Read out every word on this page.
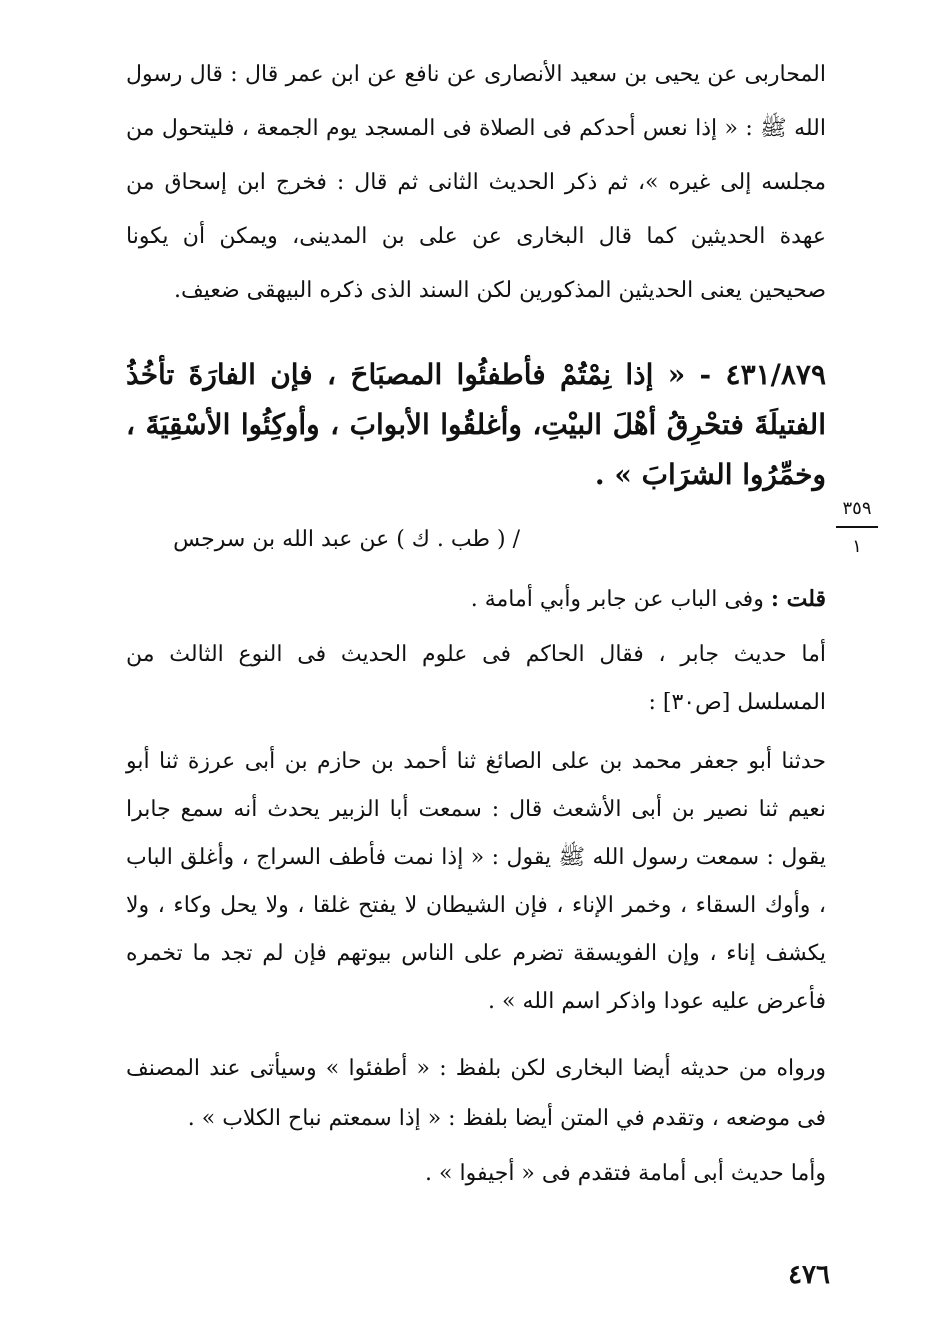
المحاربى عن يحيى بن سعيد الأنصارى عن نافع عن ابن عمر قال : قال رسول الله ﷺ : « إذا نعس أحدكم فى الصلاة فى المسجد يوم الجمعة ، فليتحول من مجلسه إلى غيره »، ثم ذكر الحديث الثانى ثم قال : فخرج ابن إسحاق من عهدة الحديثين كما قال البخارى عن على بن المدينى، ويمكن أن يكونا صحيحين يعنى الحديثين المذكورين لكن السند الذى ذكره البيهقى ضعيف.

٤٣١/٨٧٩ - « إذا نِمْتُمْ فأطفئُوا المصبَاحَ ، فإن الفارَةَ تأخُذُ الفتيلَةَ فتحْرِقُ أهْلَ البيْتِ، وأغلقُوا الأبوابَ ، وأوكِئُوا الأسْقِيَةَ ، وخمِّرُوا الشرَابَ » .

٣٥٩
١

/ ( طب . ك ) عن عبد الله بن سرجس

قلت : وفى الباب عن جابر وأبي أمامة .

أما حديث جابر ، فقال الحاكم فى علوم الحديث فى النوع الثالث من المسلسل [ص٣٠] :

حدثنا أبو جعفر محمد بن على الصائغ ثنا أحمد بن حازم بن أبى عرزة ثنا أبو نعيم ثنا نصير بن أبى الأشعث قال : سمعت أبا الزبير يحدث أنه سمع جابرا يقول : سمعت رسول الله ﷺ يقول : « إذا نمت فأطف السراج ، وأغلق الباب ، وأوك السقاء ، وخمر الإناء ، فإن الشيطان لا يفتح غلقا ، ولا يحل وكاء ، ولا يكشف إناء ، وإن الفويسقة تضرم على الناس بيوتهم فإن لم تجد ما تخمره فأعرض عليه عودا واذكر اسم الله » .

ورواه من حديثه أيضا البخارى لكن بلفظ : « أطفئوا » وسيأتى عند المصنف فى موضعه ، وتقدم في المتن أيضا بلفظ : « إذا سمعتم نباح الكلاب » .

وأما حديث أبى أمامة فتقدم فى « أجيفوا » .

٤٧٦
